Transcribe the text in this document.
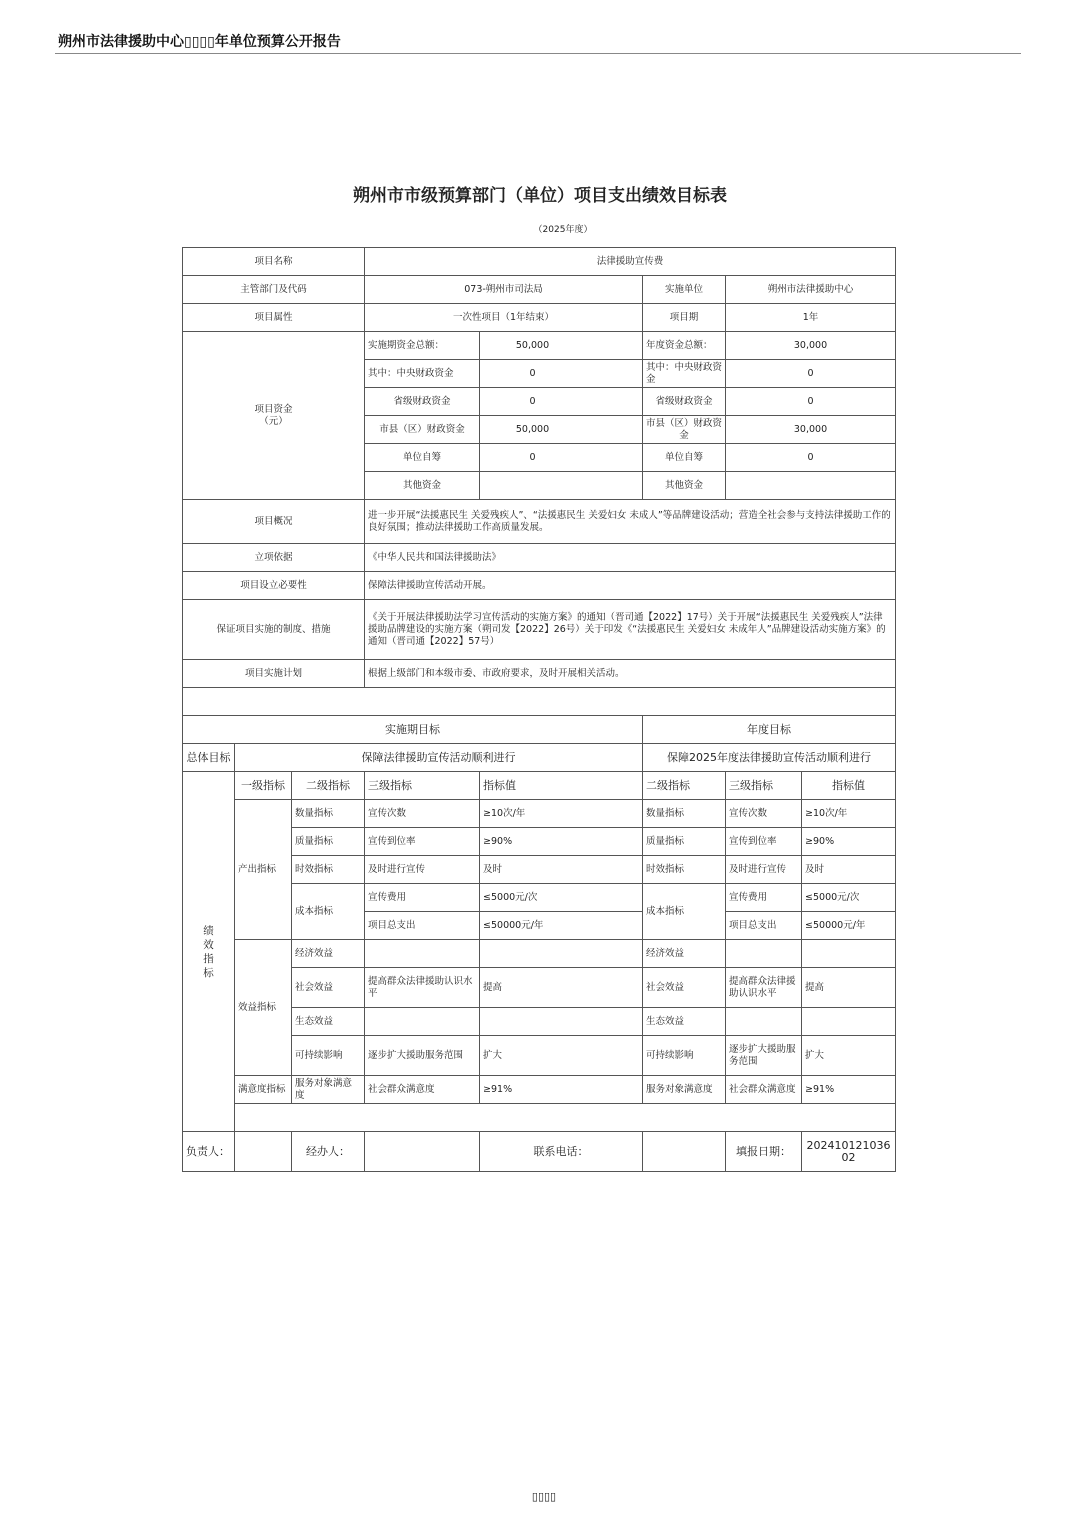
朔州市法律援助中心▯▯▯▯年单位预算公开报告
朔州市市级预算部门（单位）项目支出绩效目标表
（2025年度）
项目名称			法律援助宣传费				
主管部门及代码			073-朔州市司法局		实施单位	朔州市法律援助中心	
项目属性			一次性项目（1年结束）		项目期	1年	

项目资金
（元）			实施期资金总额：	50,000	年度资金总额：	30,000	
			其中：中央财政资金	0	其中：中央财政资金	0	
			省级财政资金	0	省级财政资金	0	
			市县（区）财政资金	50,000	市县（区）财政资金	30,000	
			单位自筹	0	单位自筹	0	
			其他资金		其他资金		
项目概况			进一步开展“法援惠民生 关爱残疾人”、“法援惠民生 关爱妇女 未成人”等品牌建设活动；营造全社会参与支持法律援助工作的良好氛围；推动法律援助工作高质量发展。				
立项依据			《中华人民共和国法律援助法》				
项目设立必要性			保障法律援助宣传活动开展。				
保证项目实施的制度、措施			《关于开展法律援助法学习宣传活动的实施方案》的通知（晋司通【2022】17号）关于开展“法援惠民生 关爱残疾人”法律援助品牌建设的实施方案（朔司发【2022】26号）关于印发《“法援惠民生 关爱妇女 未成年人”品牌建设活动实施方案》的通知（晋司通【2022】57号）				
项目实施计划			根据上级部门和本级市委、市政府要求，及时开展相关活动。				

实施期目标					年度目标		
总体目标	保障法律援助宣传活动顺利进行				保障2025年度法律援助宣传活动顺利进行		
绩
效
指
标	一级指标	二级指标	三级指标	指标值	二级指标	三级指标	指标值
	产出指标	数量指标	宣传次数	≥10次/年	数量指标	宣传次数	≥10次/年
		质量指标	宣传到位率	≥90%	质量指标	宣传到位率	≥90%
		时效指标	及时进行宣传	及时	时效指标	及时进行宣传	及时
		成本指标	宣传费用	≤5000元/次	成本指标	宣传费用	≤5000元/次
			项目总支出	≤50000元/年		项目总支出	≤50000元/年
	效益指标	经济效益			经济效益		
		社会效益	提高群众法律援助认识水平	提高	社会效益	提高群众法律援助认识水平	提高
		生态效益			生态效益		
		可持续影响	逐步扩大援助服务范围	扩大	可持续影响	逐步扩大援助服务范围	扩大
	满意度指标	服务对象满意度	社会群众满意度	≥91%	服务对象满意度	社会群众满意度	≥91%

负责人：		经办人：		联系电话：		填报日期：	20241012103602
▯▯▯▯
